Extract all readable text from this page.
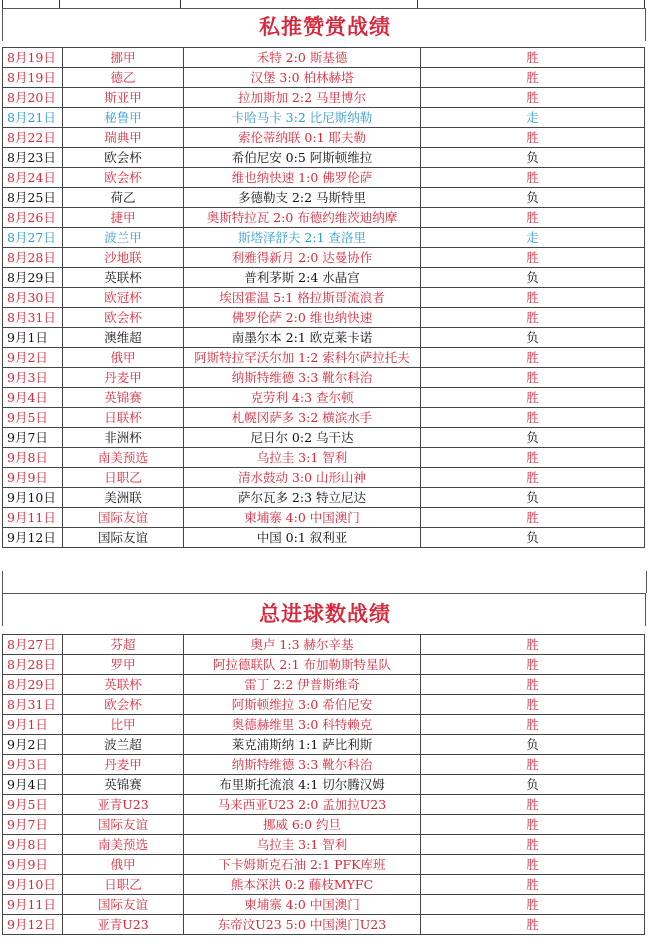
私推赞赏战绩
8月19日	挪甲	禾特 2:0 斯基德	胜
8月19日	德乙	汉堡 3:0 柏林赫塔	胜
8月20日	斯亚甲	拉加斯加 2:2 马里博尔	胜
8月21日	秘鲁甲	卡哈马卡 3:2 比尼斯纳勒	走
8月22日	瑞典甲	索伦蒂纳联 0:1 耶夫勒	胜
8月23日	欧会杯	希伯尼安 0:5 阿斯顿维拉	负
8月24日	欧会杯	维也纳快速 1:0 佛罗伦萨	胜
8月25日	荷乙	多德勒支 2:2 马斯特里	负
8月26日	捷甲	奥斯特拉瓦 2:0 布德约维茨迪纳摩	胜
8月27日	波兰甲	斯塔泽舒夫 2:1 查洛里	走
8月28日	沙地联	利雅得新月 2:0 达曼协作	胜
8月29日	英联杯	普利茅斯 2:4 水晶宫	负
8月30日	欧冠杯	埃因霍温 5:1 格拉斯哥流浪者	胜
8月31日	欧会杯	佛罗伦萨 2:0 维也纳快速	胜
9月1日	澳维超	南墨尔本 2:1 欧克莱卡诺	负
9月2日	俄甲	阿斯特拉罕沃尔加 1:2 索科尔萨拉托夫	胜
9月3日	丹麦甲	纳斯特维德 3:3 靴尔科治	胜
9月4日	英锦赛	克劳利 4:3 查尔顿	胜
9月5日	日联杯	札幌冈萨多 3:2 横滨水手	胜
9月7日	非洲杯	尼日尔 0:2 乌干达	负
9月8日	南美预选	乌拉圭 3:1 智利	胜
9月9日	日职乙	清水鼓动 3:0 山形山神	胜
9月10日	美洲联	萨尔瓦多 2:3 特立尼达	负
9月11日	国际友谊	柬埔寨 4:0 中国澳门	胜
9月12日	国际友谊	中国 0:1 叙利亚	负
总进球数战绩
8月27日	芬超	奥卢 1:3 赫尔辛基	胜
8月28日	罗甲	阿拉德联队 2:1 布加勒斯特星队	胜
8月29日	英联杯	雷丁 2:2 伊普斯维奇	胜
8月31日	欧会杯	阿斯顿维拉 3:0 希伯尼安	胜
9月1日	比甲	奥德赫维里 3:0 科特赖克	胜
9月2日	波兰超	莱克浦斯纳 1:1 萨比利斯	负
9月3日	丹麦甲	纳斯特维德 3:3 靴尔科治	胜
9月4日	英锦赛	布里斯托流浪 4:1 切尔腾汉姆	负
9月5日	亚青U23	马来西亚U23 2:0 孟加拉U23	胜
9月7日	国际友谊	挪威 6:0 约旦	胜
9月8日	南美预选	乌拉圭 3:1 智利	胜
9月9日	俄甲	下卡姆斯克石油 2:1 PFK库班	胜
9月10日	日职乙	熊本深洪 0:2 藤枝MYFC	胜
9月11日	国际友谊	柬埔寨 4:0 中国澳门	胜
9月12日	亚青U23	东帝汶U23 5:0 中国澳门U23	胜
